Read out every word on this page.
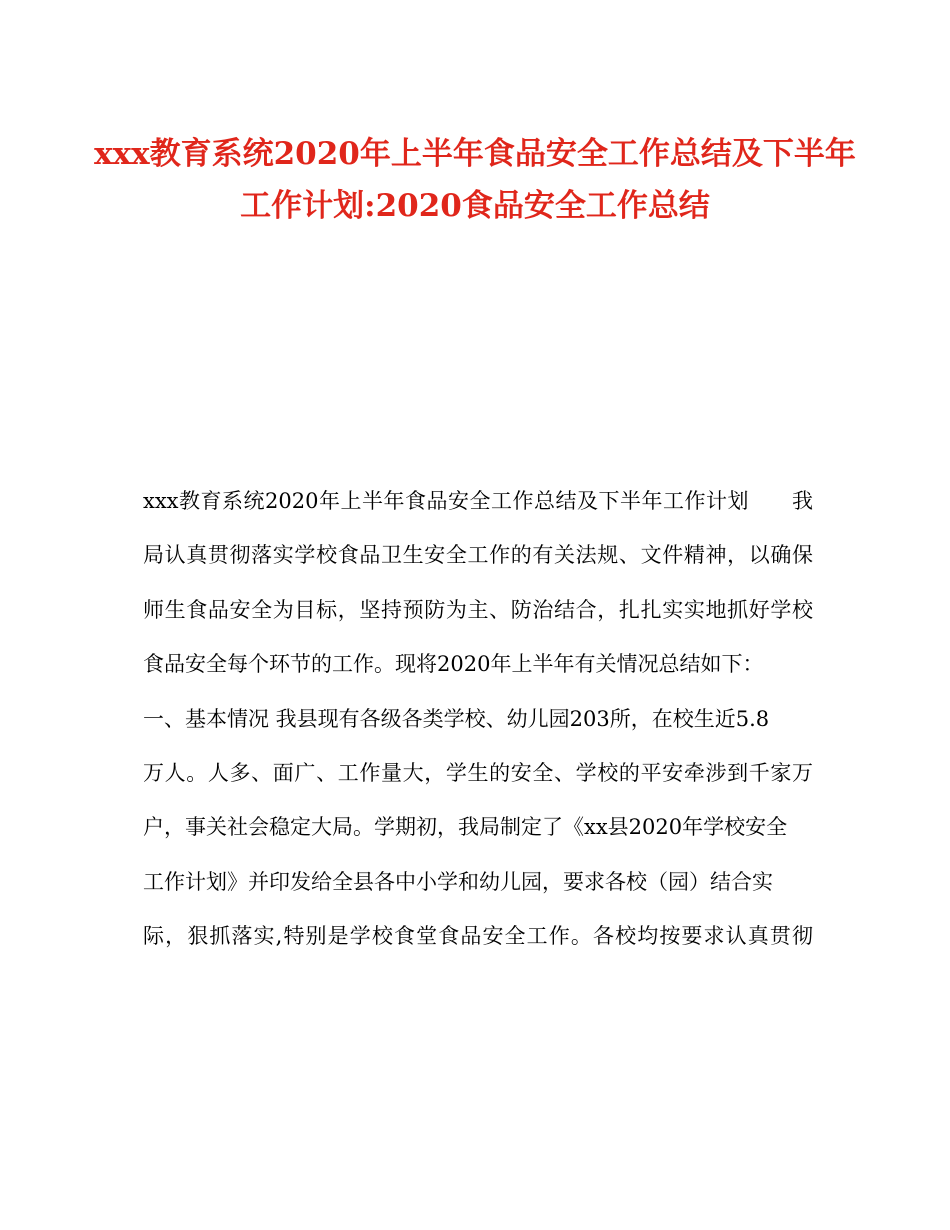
xxx教育系统2020年上半年食品安全工作总结及下半年
工作计划:2020食品安全工作总结
xxx教育系统2020年上半年食品安全工作总结及下半年工作计划　　我
局认真贯彻落实学校食品卫生安全工作的有关法规、文件精神，以确保
师生食品安全为目标，坚持预防为主、防治结合，扎扎实实地抓好学校
食品安全每个环节的工作。现将2020年上半年有关情况总结如下：
一、基本情况 我县现有各级各类学校、幼儿园203所，在校生近5.8
万人。人多、面广、工作量大，学生的安全、学校的平安牵涉到千家万
户，事关社会稳定大局。学期初，我局制定了《xx县2020年学校安全
工作计划》并印发给全县各中小学和幼儿园，要求各校（园）结合实
际，狠抓落实,特别是学校食堂食品安全工作。各校均按要求认真贯彻
